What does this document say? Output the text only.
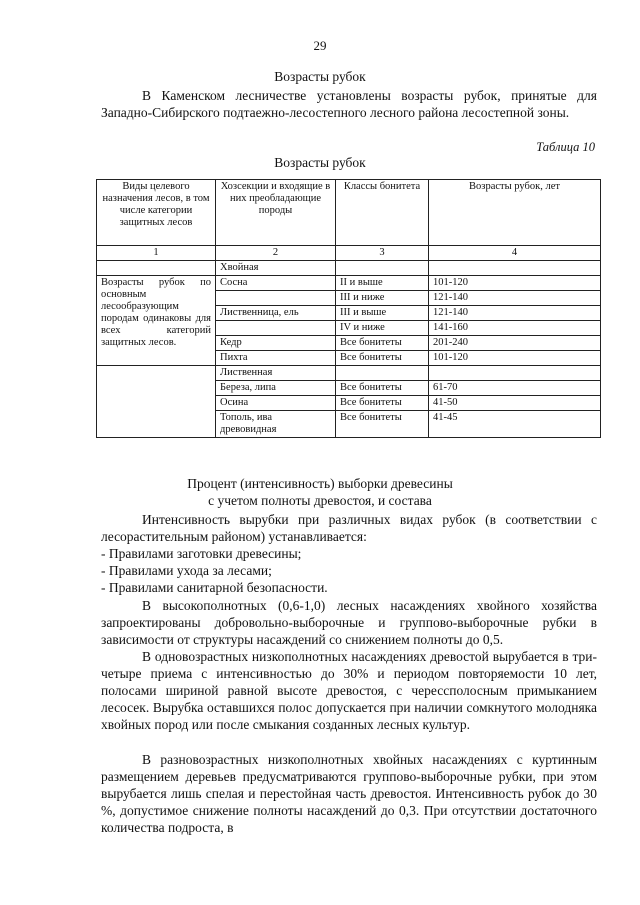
29
Возрасты рубок

В Каменском лесничестве установлены возрасты рубок, принятые для Западно-Сибирского подтаежно-лесостепного лесного района лесостепной зоны.

Таблица 10
Возрасты рубок
Виды целевого назначения лесов, в том числе категории защитных лесов	Хозсекции и входящие в них преобладающие породы	Классы бонитета	Возрасты рубок, лет
1	2	3	4
	Хвойная		
Возрасты рубок по основным лесообразующим породам одинаковы для всех категорий защитных лесов.	Сосна	II и выше	101-120
		III и ниже	121-140
	Лиственница, ель	III и выше	121-140
		IV и ниже	141-160
	Кедр	Все бонитеты	201-240
	Пихта	Все бонитеты	101-120
	Лиственная		
	Береза, липа	Все бонитеты	61-70
	Осина	Все бонитеты	41-50
	Тополь, ива древовидная	Все бонитеты	41-45
Процент (интенсивность) выборки древесины
с учетом полноты древостоя, и состава

Интенсивность вырубки при различных видах рубок (в соответствии с лесорастительным районом) устанавливается:

- Правилами заготовки древесины;
- Правилами ухода за лесами;
- Правилами санитарной безопасности.

В высокополнотных (0,6-1,0) лесных насаждениях хвойного хозяйства запроектированы добровольно-выборочные и группово-выборочные рубки в зависимости от структуры насаждений со снижением полноты до 0,5.

В одновозрастных низкополнотных насаждениях древостой вырубается в три-четыре приема с интенсивностью до 30% и периодом повторяемости 10 лет, полосами шириной равной высоте древостоя, с черессполосным примыканием лесосек. Вырубка оставшихся полос допускается при наличии сомкнутого молодняка хвойных пород или после смыкания созданных лесных культур.

В разновозрастных низкополнотных хвойных насаждениях с куртинным размещением деревьев предусматриваются группово-выборочные рубки, при этом вырубается лишь спелая и перестойная часть древостоя. Интенсивность рубок до 30 %, допустимое снижение полноты насаждений до 0,3. При отсутствии достаточного количества подроста, в
